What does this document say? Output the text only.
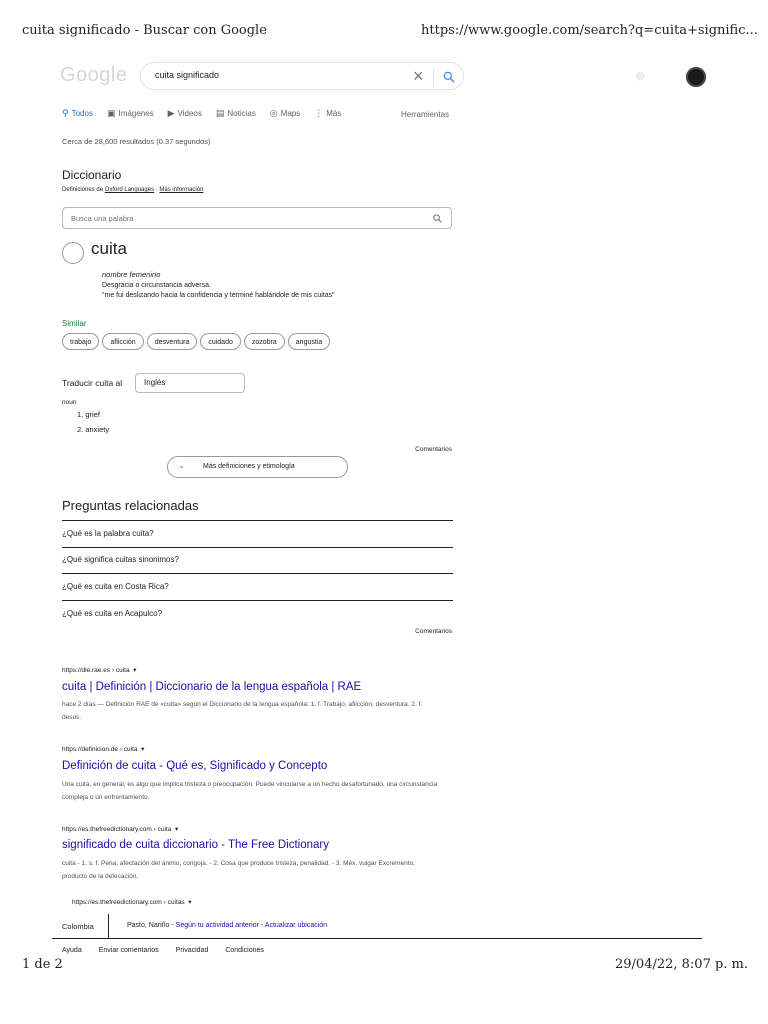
cuita significado - Buscar con Google	https://www.google.com/search?q=cuita+signific...
Google	cuita significado	×
⚲ Todos ▣ Imágenes ▶ Videos ▤ Noticias ◎ Maps ⋮ Más	Herramientas
Cerca de 28,600 resultados (0.37 segundos)
Diccionario
Definiciones de Oxford Languages · Más información
Busca una palabra
cuita
nombre femenino
Desgracia o circunstancia adversa.
"me fui deslizando hacia la confidencia y terminé hablándole de mis cuitas"
Similar
trabajo	aflicción	desventura	cuidado	zozobra	angustia
Traducir cuita al	Inglés
noun
1. grief
2. anxiety
Comentarios
⌄	Más definiciones y etimología
Preguntas relacionadas
¿Qué es la palabra cuita?
¿Qué significa cuitas sinonimos?
¿Qué es cuita en Costa Rica?
¿Qué es cuita en Acapulco?
Comentarios
https://dle.rae.es › cuita  ▾
cuita | Definición | Diccionario de la lengua española | RAE
hace 2 días — Definición RAE de «cuita» según el Diccionario de la lengua española: 1. f. Trabajo, aflicción, desventura. 2. f. desus.
https://definicion.de › cuita  ▾
Definición de cuita - Qué es, Significado y Concepto
Una cuita, en general, es algo que implica tristeza o preocupación. Puede vincularse a un hecho desafortunado, una circunstancia compleja o un enfrentamiento.
https://es.thefreedictionary.com › cuita  ▾
significado de cuita diccionario - The Free Dictionary
cuita - 1. s. f. Pena, afectación del ánimo, congoja. - 2. Cosa que produce tristeza, penalidad. - 3. Méx. vulgar Excremento, producto de la defecación.
https://es.thefreedictionary.com › cuitas  ▾
Colombia	Pasto, Nariño - Según tu actividad anterior - Actualizar ubicación
Ayuda Enviar comentarios Privacidad Condiciones
1 de 2	29/04/22, 8:07 p. m.
